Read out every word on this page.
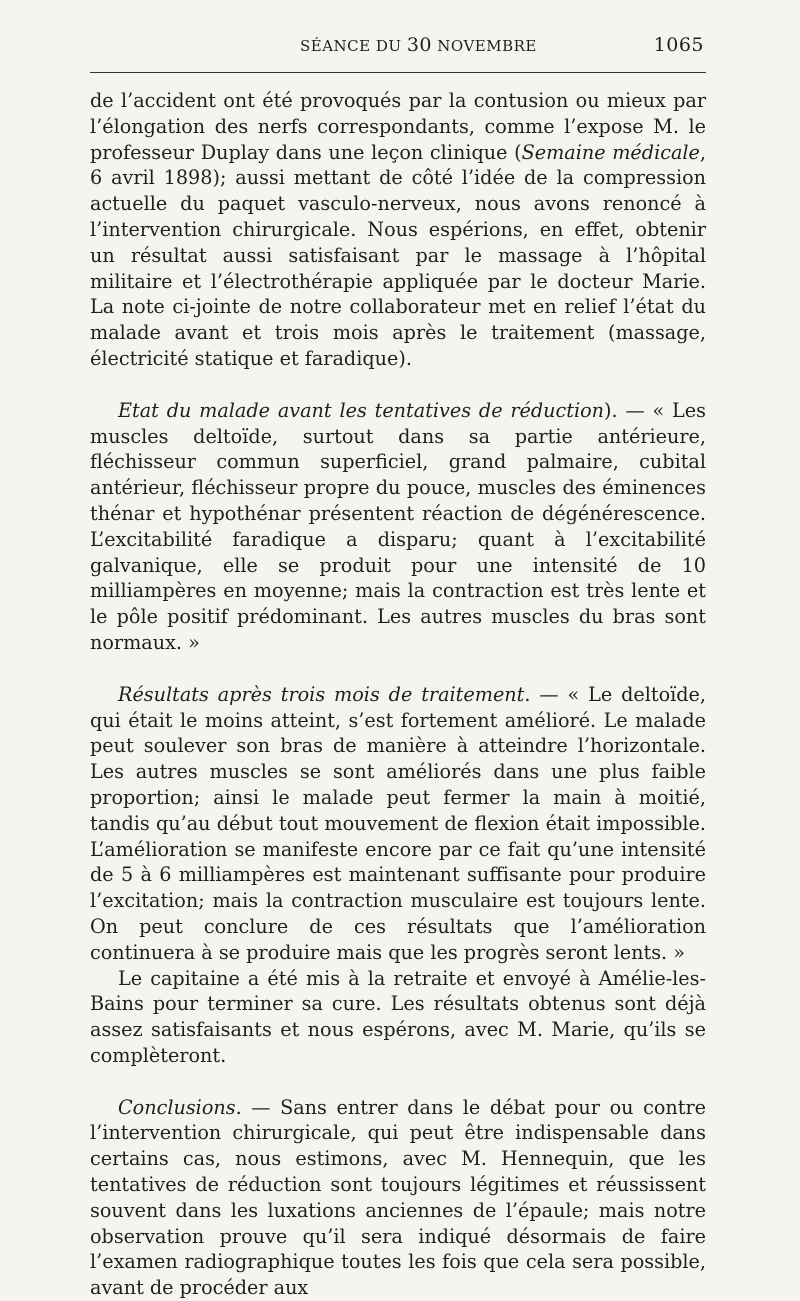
SÉANCE DU 30 NOVEMBRE	1065

de l’accident ont été provoqués par la contusion ou mieux par l’élongation des nerfs correspondants, comme l’expose M. le professeur Duplay dans une leçon clinique (Semaine médicale, 6 avril 1898); aussi mettant de côté l’idée de la compression actuelle du paquet vasculo-nerveux, nous avons renoncé à l’intervention chirurgicale. Nous espérions, en effet, obtenir un résultat aussi satisfaisant par le massage à l’hôpital militaire et l’électrothérapie appliquée par le docteur Marie. La note ci-jointe de notre collaborateur met en relief l’état du malade avant et trois mois après le traitement (massage, électricité statique et faradique).

Etat du malade avant les tentatives de réduction). — « Les muscles deltoïde, surtout dans sa partie antérieure, fléchisseur commun superficiel, grand palmaire, cubital antérieur, fléchisseur propre du pouce, muscles des éminences thénar et hypothénar présentent réaction de dégénérescence. L’excitabilité faradique a disparu; quant à l’excitabilité galvanique, elle se produit pour une intensité de 10 milliampères en moyenne; mais la contraction est très lente et le pôle positif prédominant. Les autres muscles du bras sont normaux. »

Résultats après trois mois de traitement. — « Le deltoïde, qui était le moins atteint, s’est fortement amélioré. Le malade peut soulever son bras de manière à atteindre l’horizontale. Les autres muscles se sont améliorés dans une plus faible proportion; ainsi le malade peut fermer la main à moitié, tandis qu’au début tout mouvement de flexion était impossible. L’amélioration se manifeste encore par ce fait qu’une intensité de 5 à 6 milliampères est maintenant suffisante pour produire l’excitation; mais la contraction musculaire est toujours lente. On peut conclure de ces résultats que l’amélioration continuera à se produire mais que les progrès seront lents. »

Le capitaine a été mis à la retraite et envoyé à Amélie-les-Bains pour terminer sa cure. Les résultats obtenus sont déjà assez satisfaisants et nous espérons, avec M. Marie, qu’ils se complèteront.

Conclusions. — Sans entrer dans le débat pour ou contre l’intervention chirurgicale, qui peut être indispensable dans certains cas, nous estimons, avec M. Hennequin, que les tentatives de réduction sont toujours légitimes et réussissent souvent dans les luxations anciennes de l’épaule; mais notre observation prouve qu’il sera indiqué désormais de faire l’examen radiographique toutes les fois que cela sera possible, avant de procéder aux
